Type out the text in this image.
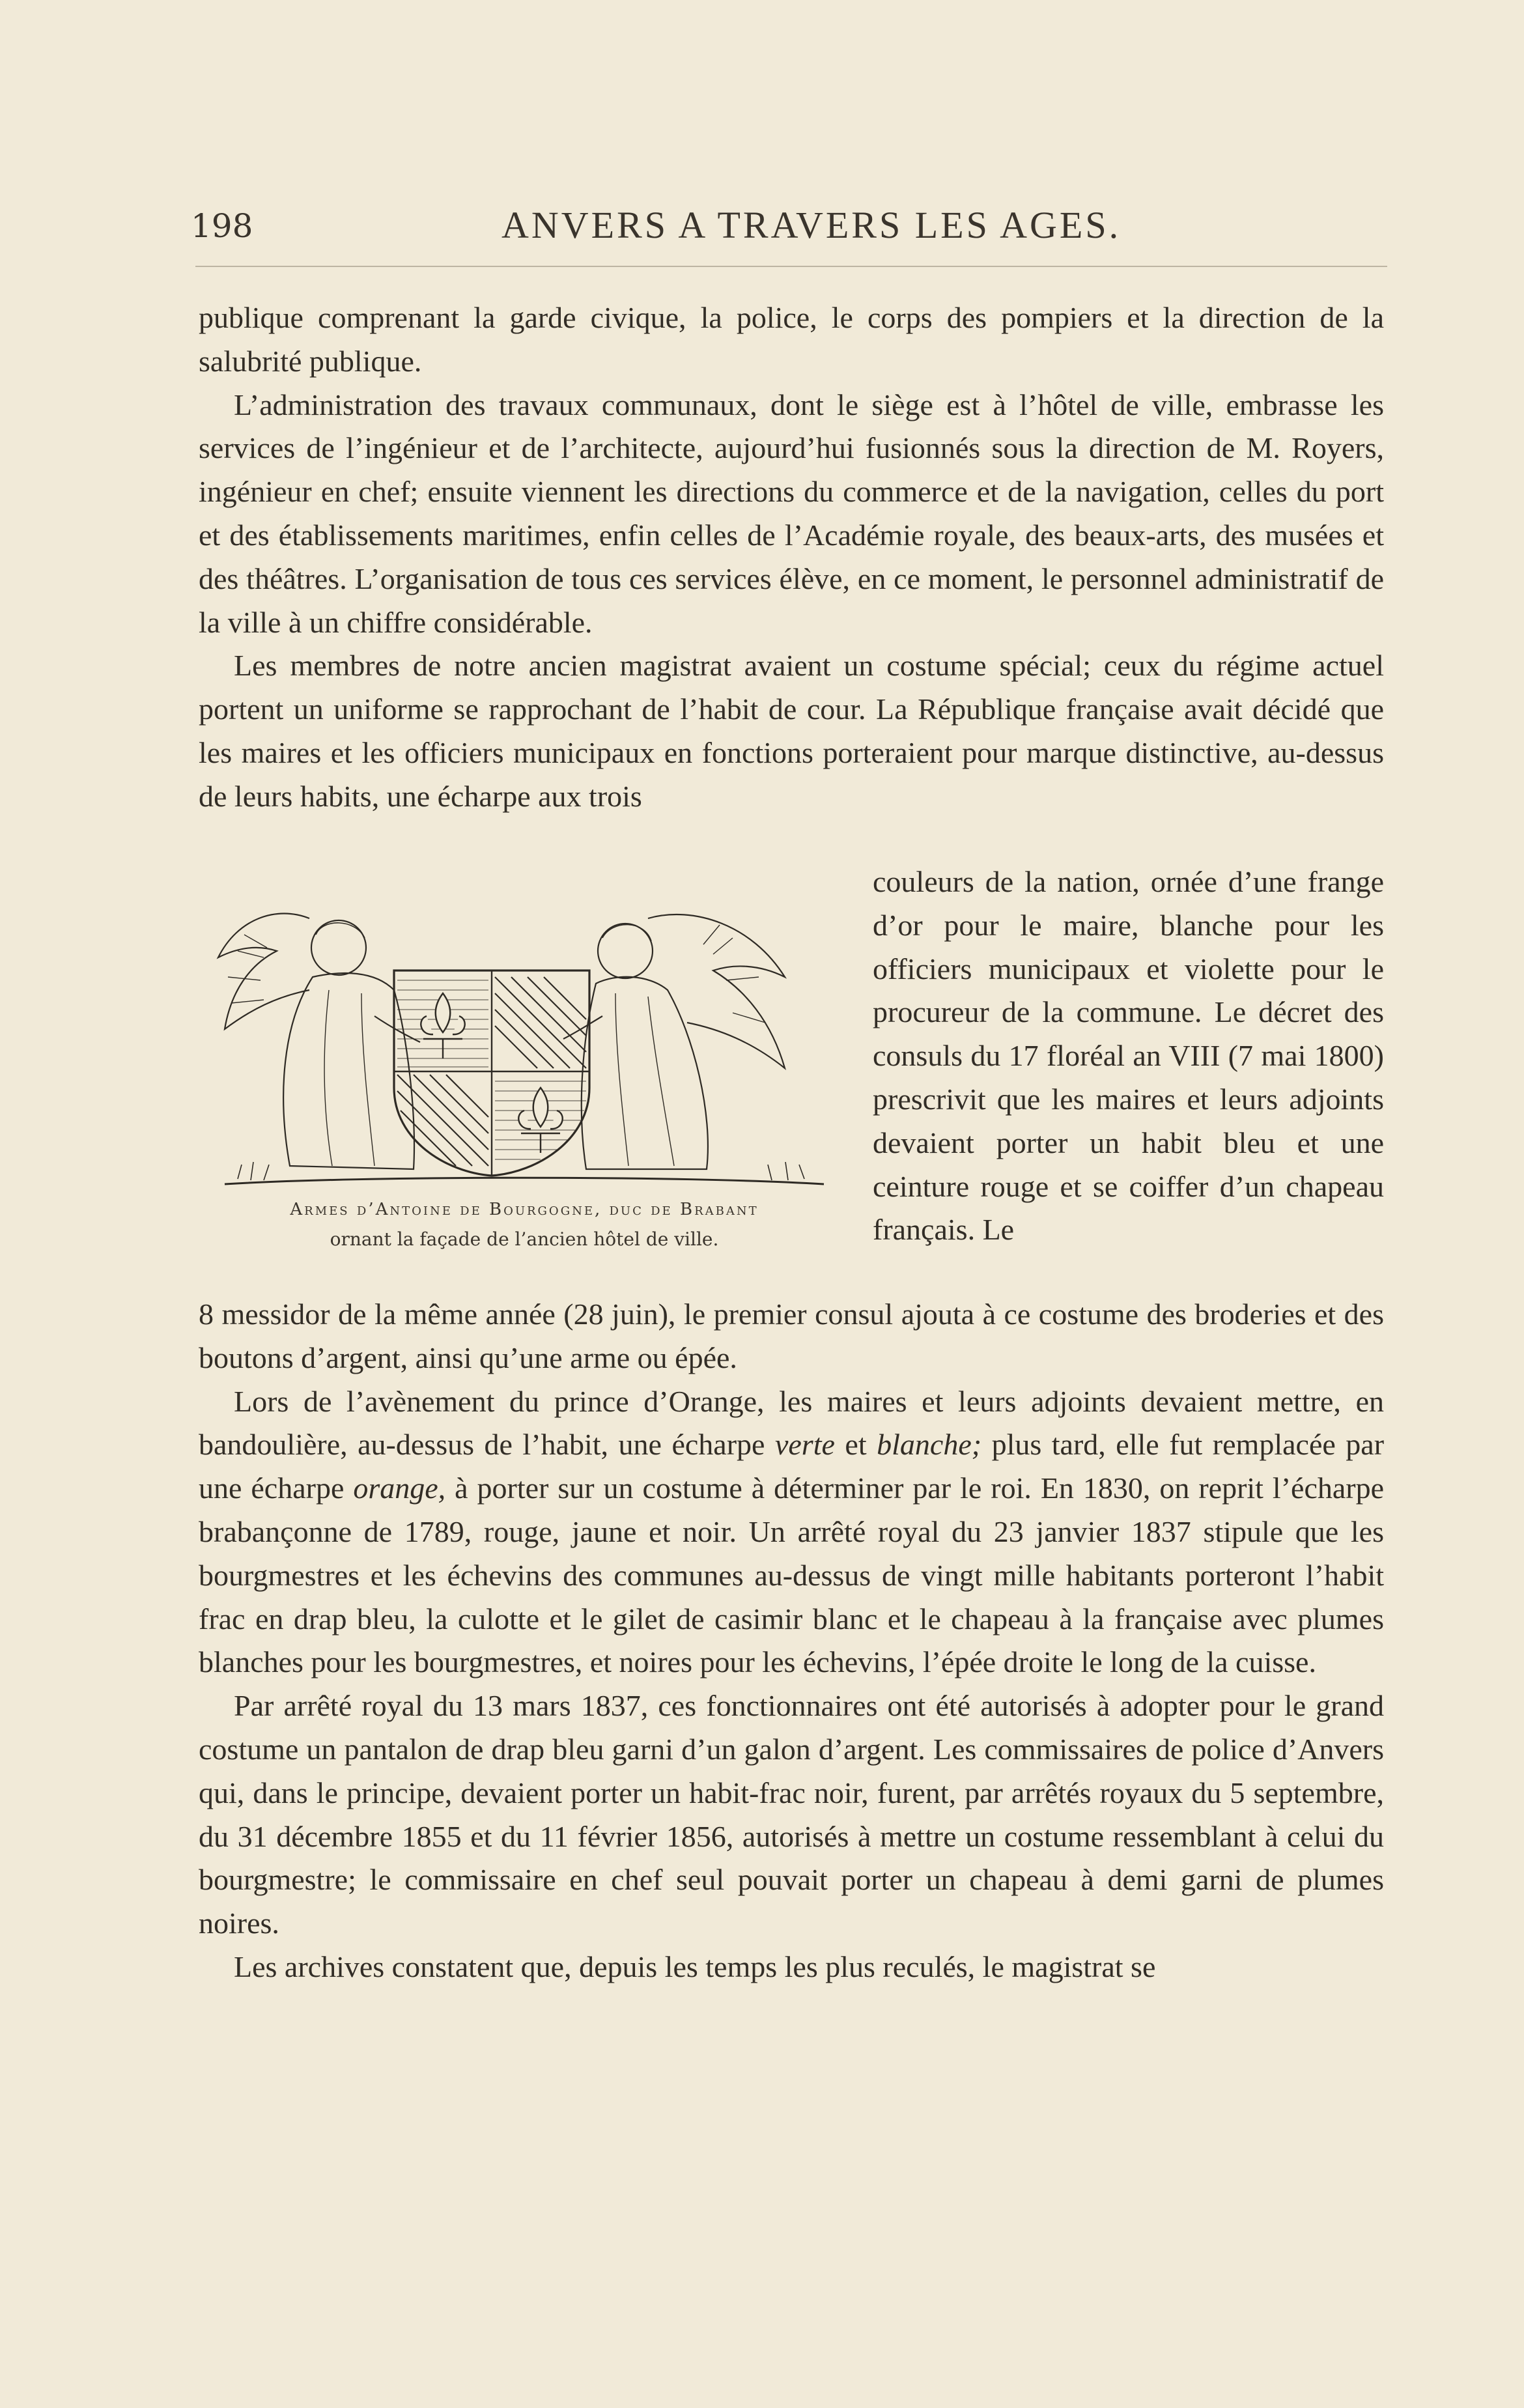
198	ANVERS A TRAVERS LES AGES.

publique comprenant la garde civique, la police, le corps des pompiers et la direction de la salubrité publique.

L’administration des travaux communaux, dont le siège est à l’hôtel de ville, embrasse les services de l’ingénieur et de l’architecte, aujourd’hui fusionnés sous la direction de M. Royers, ingénieur en chef; ensuite viennent les directions du commerce et de la navigation, celles du port et des établissements maritimes, enfin celles de l’Académie royale, des beaux-arts, des musées et des théâtres. L’organisation de tous ces services élève, en ce moment, le personnel administratif de la ville à un chiffre considérable.

Les membres de notre ancien magistrat avaient un costume spécial; ceux du régime actuel portent un uniforme se rapprochant de l’habit de cour. La République française avait décidé que les maires et les officiers municipaux en fonctions porteraient pour marque distinctive, au-dessus de leurs habits, une écharpe aux trois

Armes d’Antoine de Bourgogne, duc de Brabant
ornant la façade de l’ancien hôtel de ville.

couleurs de la nation, ornée d’une frange d’or pour le maire, blanche pour les officiers municipaux et violette pour le procureur de la commune. Le décret des consuls du 17 floréal an VIII (7 mai 1800) prescrivit que les maires et leurs adjoints devaient porter un habit bleu et une ceinture rouge et se coiffer d’un chapeau français. Le

8 messidor de la même année (28 juin), le premier consul ajouta à ce costume des broderies et des boutons d’argent, ainsi qu’une arme ou épée.

Lors de l’avènement du prince d’Orange, les maires et leurs adjoints devaient mettre, en bandoulière, au-dessus de l’habit, une écharpe verte et blanche; plus tard, elle fut remplacée par une écharpe orange, à porter sur un costume à déterminer par le roi. En 1830, on reprit l’écharpe brabançonne de 1789, rouge, jaune et noir. Un arrêté royal du 23 janvier 1837 stipule que les bourgmestres et les échevins des communes au-dessus de vingt mille habitants porteront l’habit frac en drap bleu, la culotte et le gilet de casimir blanc et le chapeau à la française avec plumes blanches pour les bourgmestres, et noires pour les échevins, l’épée droite le long de la cuisse.

Par arrêté royal du 13 mars 1837, ces fonctionnaires ont été autorisés à adopter pour le grand costume un pantalon de drap bleu garni d’un galon d’argent. Les commissaires de police d’Anvers qui, dans le principe, devaient porter un habit-frac noir, furent, par arrêtés royaux du 5 septembre, du 31 décembre 1855 et du 11 février 1856, autorisés à mettre un costume ressemblant à celui du bourgmestre; le commissaire en chef seul pouvait porter un chapeau à demi garni de plumes noires.

Les archives constatent que, depuis les temps les plus reculés, le magistrat se
